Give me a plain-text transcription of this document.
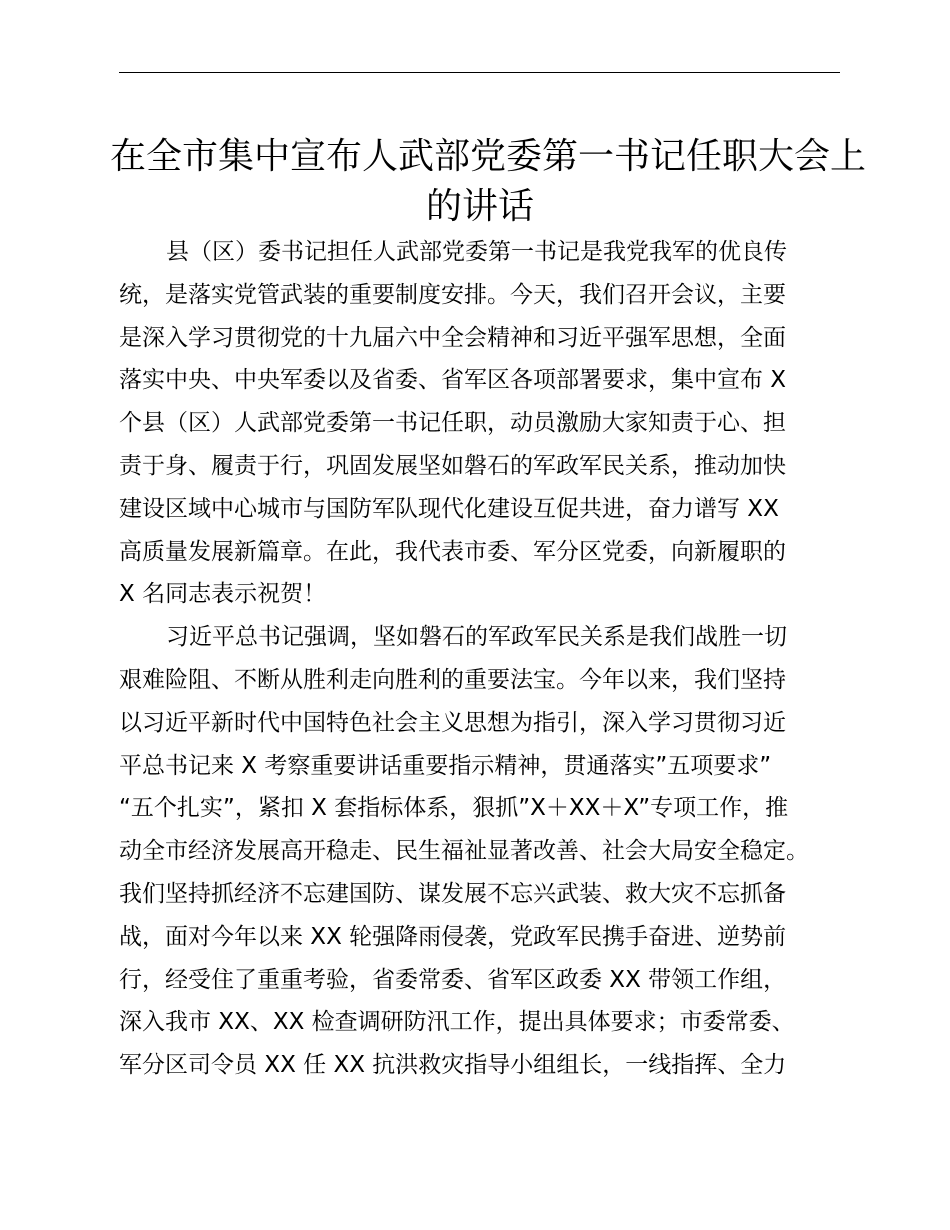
在全市集中宣布人武部党委第一书记任职大会上
的讲话
县（区）委书记担任人武部党委第一书记是我党我军的优良传
统，是落实党管武装的重要制度安排。今天，我们召开会议，主要
是深入学习贯彻党的十九届六中全会精神和习近平强军思想，全面
落实中央、中央军委以及省委、省军区各项部署要求，集中宣布 X
个县（区）人武部党委第一书记任职，动员激励大家知责于心、担
责于身、履责于行，巩固发展坚如磐石的军政军民关系，推动加快
建设区域中心城市与国防军队现代化建设互促共进，奋力谱写 XX
高质量发展新篇章。在此，我代表市委、军分区党委，向新履职的
X 名同志表示祝贺！
习近平总书记强调，坚如磐石的军政军民关系是我们战胜一切
艰难险阻、不断从胜利走向胜利的重要法宝。今年以来，我们坚持
以习近平新时代中国特色社会主义思想为指引，深入学习贯彻习近
平总书记来 X 考察重要讲话重要指示精神，贯通落实”五项要求”
“五个扎实”，紧扣 X 套指标体系，狠抓”X＋XX＋X”专项工作，推
动全市经济发展高开稳走、民生福祉显著改善、社会大局安全稳定。
我们坚持抓经济不忘建国防、谋发展不忘兴武装、救大灾不忘抓备
战，面对今年以来 XX 轮强降雨侵袭，党政军民携手奋进、逆势前
行，经受住了重重考验，省委常委、省军区政委 XX 带领工作组，
深入我市 XX、XX 检查调研防汛工作，提出具体要求；市委常委、
军分区司令员 XX 任 XX 抗洪救灾指导小组组长，一线指挥、全力
